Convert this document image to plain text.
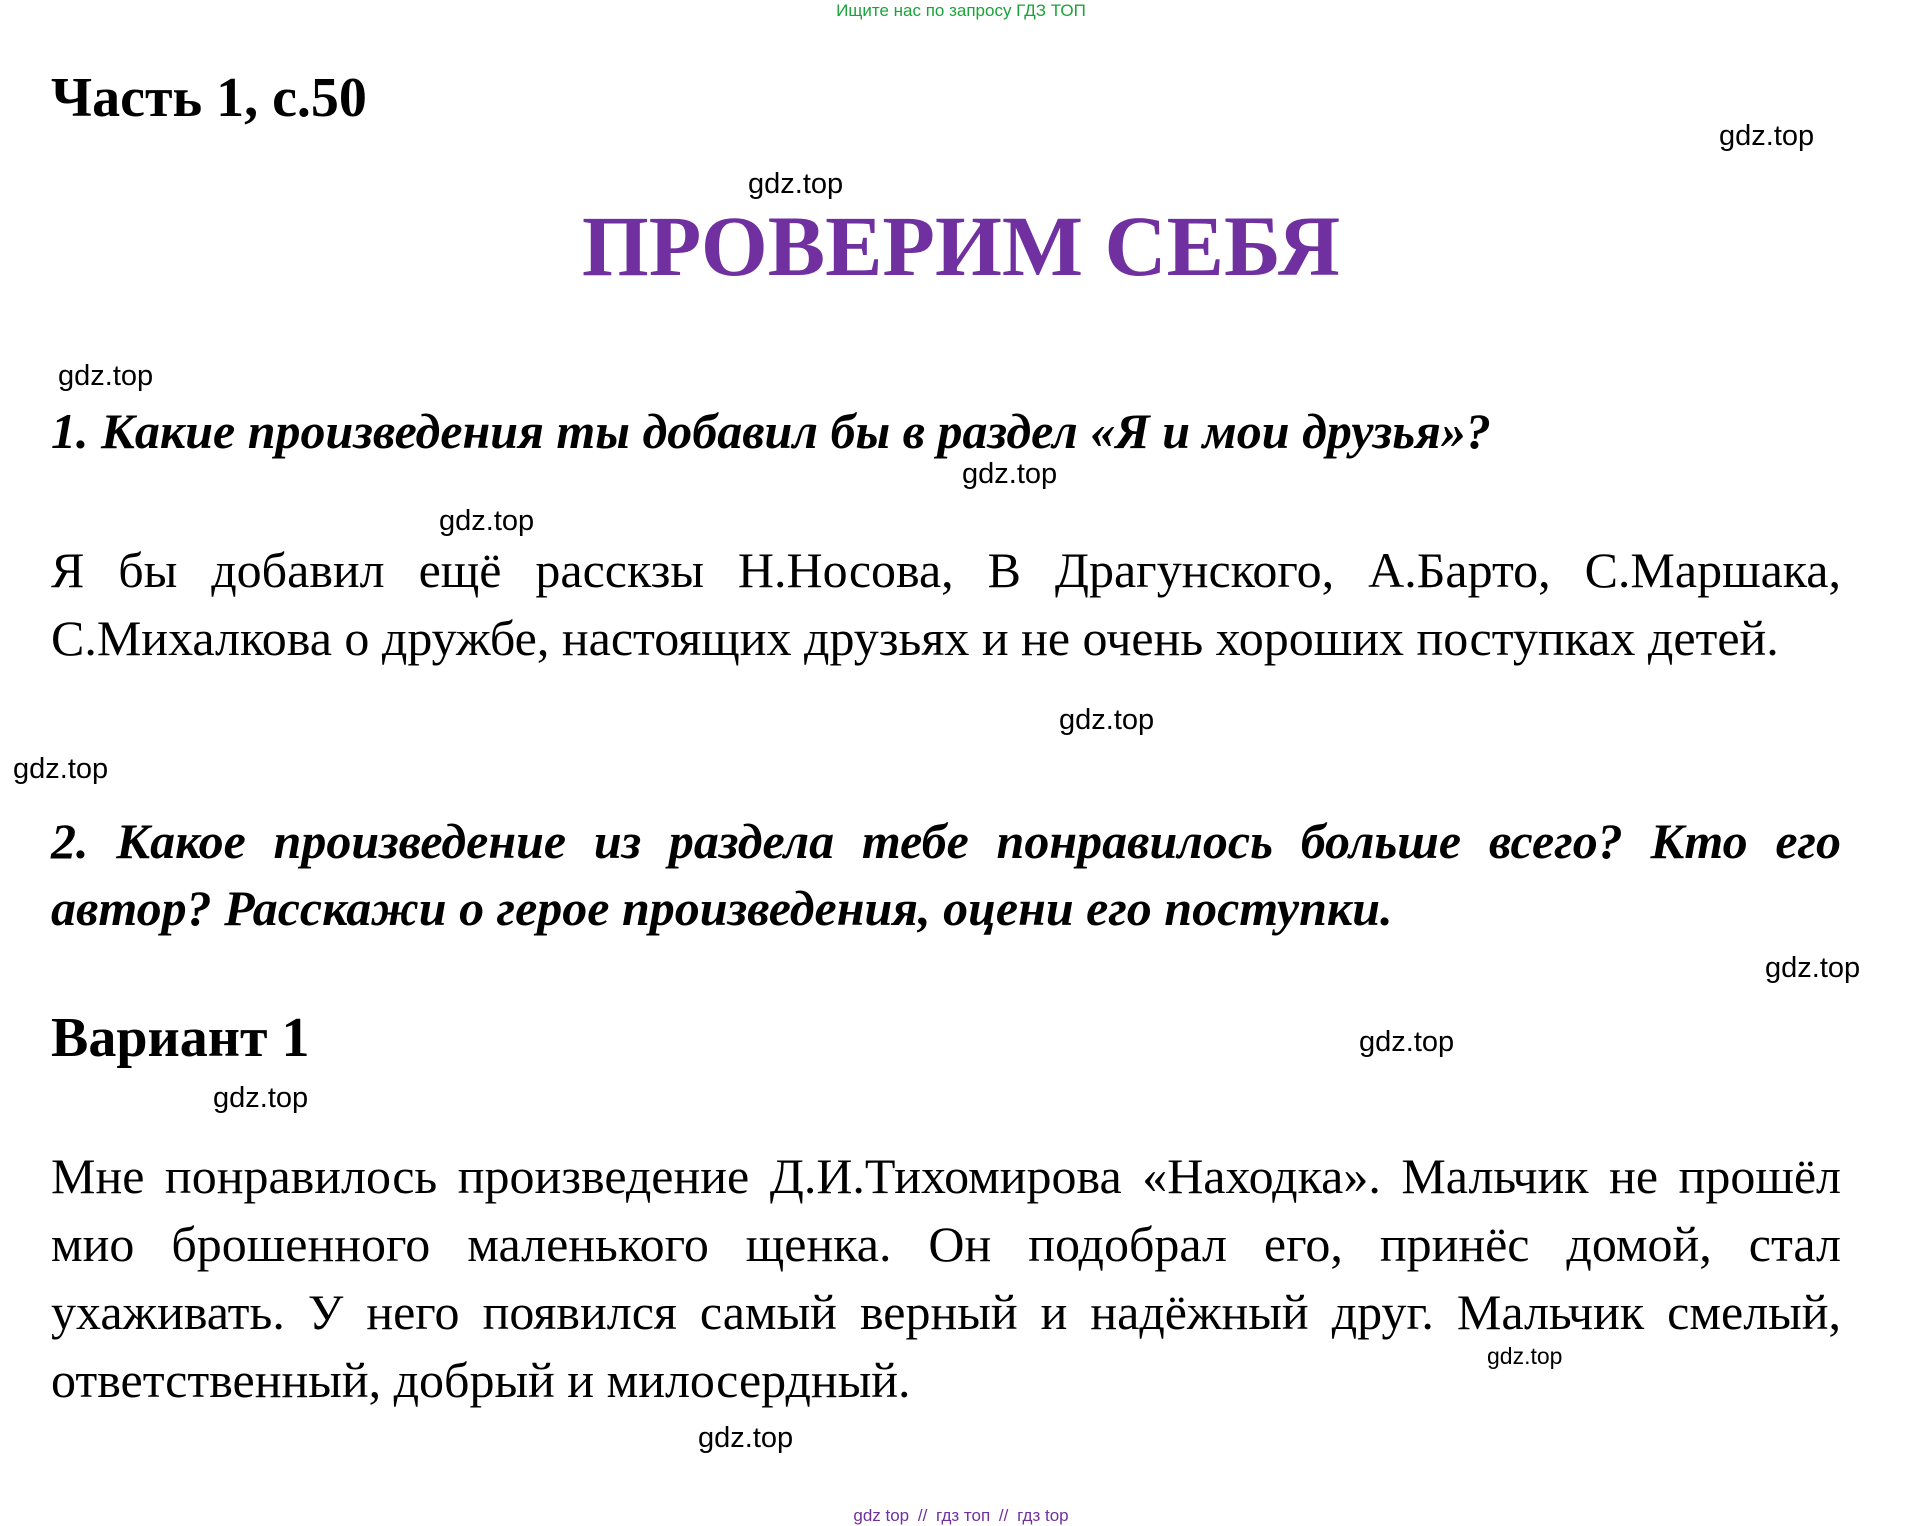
Ищите нас по запросу ГДЗ ТОП
Часть 1, с.50
ПРОВЕРИМ СЕБЯ
1. Какие произведения ты добавил бы в раздел «Я и мои друзья»?
Я бы добавил ещё расскзы Н.Носова, В Драгунского, А.Барто, С.Маршака, С.Михалкова о дружбе, настоящих друзьях и не очень хороших поступках детей.
2. Какое произведение из раздела тебе понравилось больше всего? Кто его автор? Расскажи о герое произведения, оцени его поступки.
Вариант 1
Мне понравилось произведение Д.И.Тихомирова «Находка». Мальчик не прошёл мио брошенного маленького щенка. Он подобрал его, принёс домой, стал ухаживать. У него появился самый верный и надёжный друг. Мальчик смелый, ответственный, добрый и милосердный.
gdz.top
gdz.top
gdz.top
gdz.top
gdz.top
gdz.top
gdz.top
gdz.top
gdz.top
gdz.top
gdz.top
gdz.top
gdz top // гдз топ // гдз top
